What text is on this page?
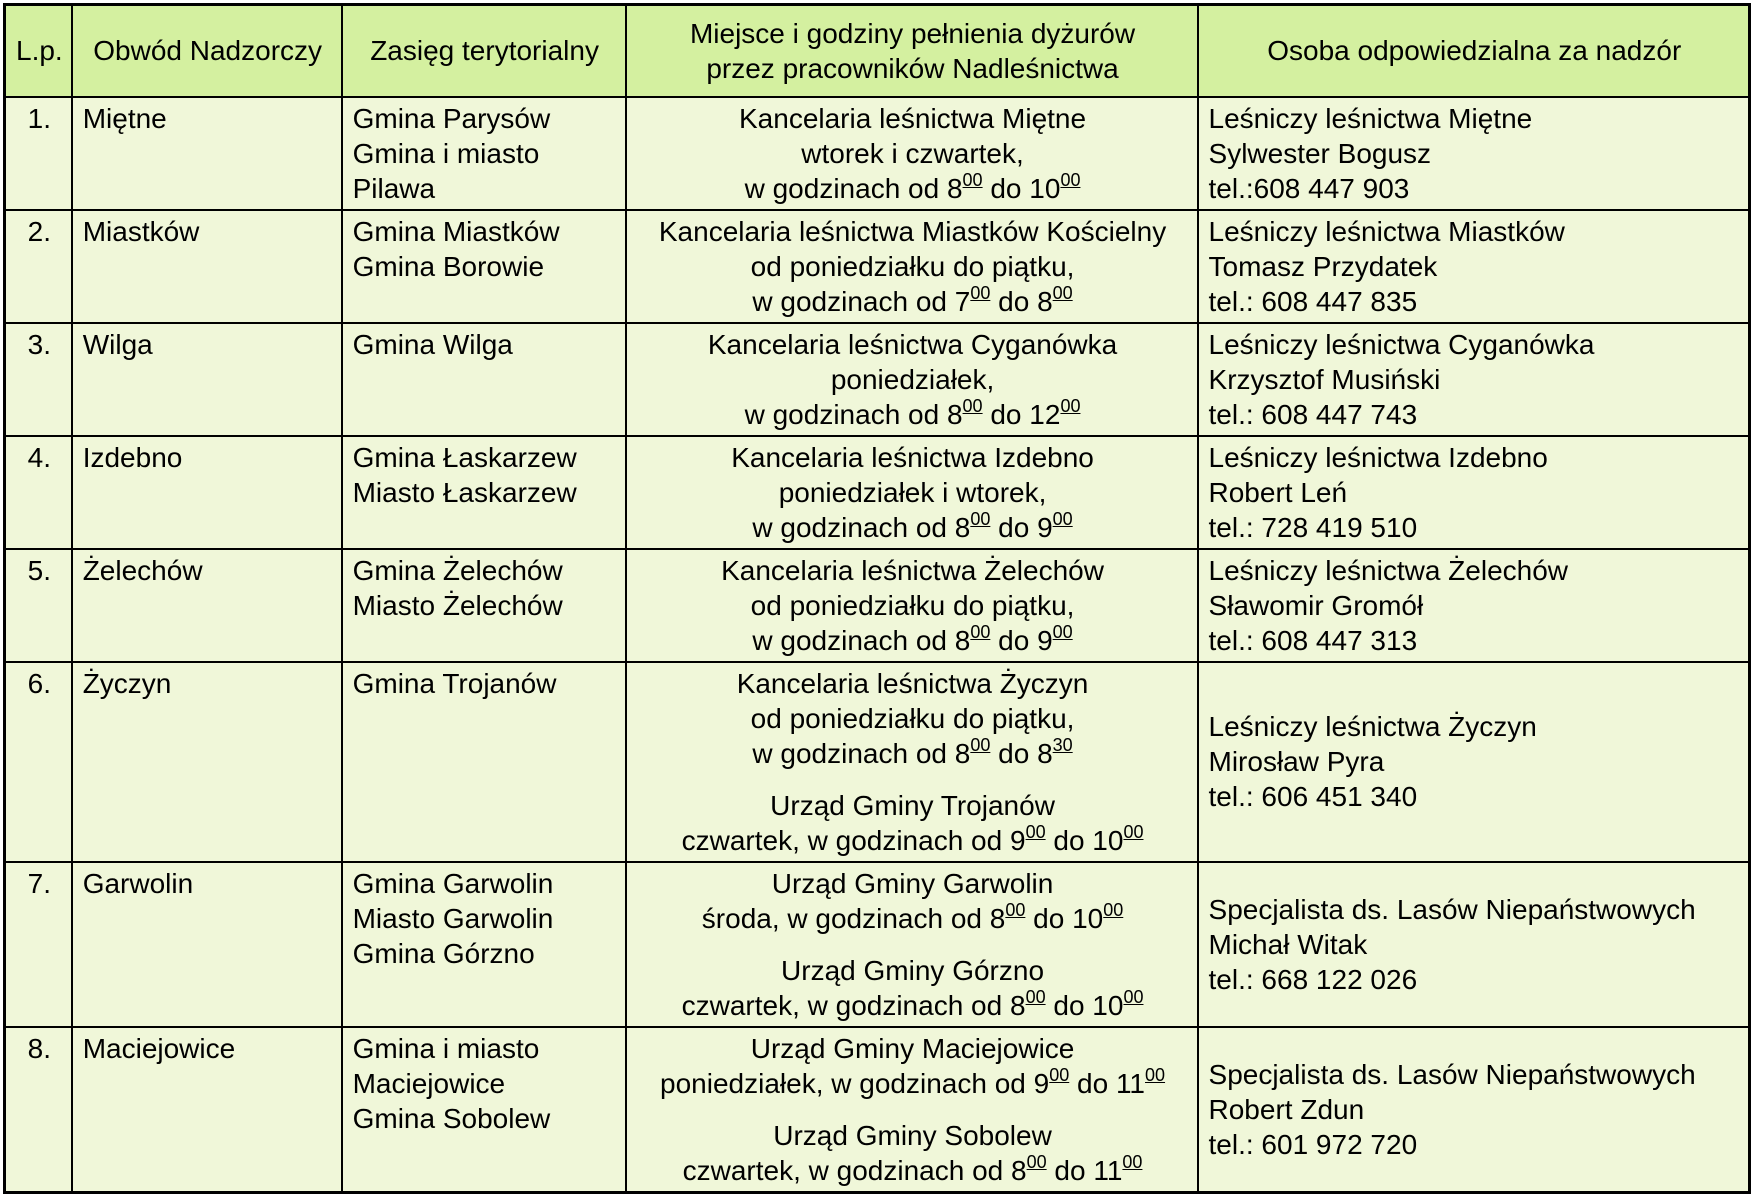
L.p.	Obwód Nadzorczy	Zasięg terytorialny	Miejsce i godziny pełnienia dyżurów
przez pracowników Nadleśnictwa	Osoba odpowiedzialna za nadzór
1.	Miętne	Gmina Parysów
Gmina i miasto
Pilawa	Kancelaria leśnictwa Miętne
wtorek i czwartek,
w godzinach od $8^{00}$ do $10^{00}$	Leśniczy leśnictwa Miętne
Sylwester Bogusz
tel.:608 447 903

2.	Miastków	Gmina Miastków
Gmina Borowie	Kancelaria leśnictwa Miastków Kościelny
od poniedziałku do piątku,
w godzinach od $7^{00}$ do $8^{00}$	Leśniczy leśnictwa Miastków
Tomasz Przydatek
tel.: 608 447 835

3.	Wilga	Gmina Wilga	Kancelaria leśnictwa Cyganówka
poniedziałek,
w godzinach od $8^{00}$ do $12^{00}$	Leśniczy leśnictwa Cyganówka
Krzysztof Musiński
tel.: 608 447 743

4.	Izdebno	Gmina Łaskarzew
Miasto Łaskarzew	Kancelaria leśnictwa Izdebno
poniedziałek i wtorek,
w godzinach od $8^{00}$ do $9^{00}$	Leśniczy leśnictwa Izdebno
Robert Leń
tel.: 728 419 510

5.	Żelechów	Gmina Żelechów
Miasto Żelechów	Kancelaria leśnictwa Żelechów
od poniedziałku do piątku,
w godzinach od $8^{00}$ do $9^{00}$	Leśniczy leśnictwa Żelechów
Sławomir Gromół
tel.: 608 447 313

6.	Życzyn	Gmina Trojanów	Kancelaria leśnictwa Życzyn
od poniedziałku do piątku,
w godzinach od $8^{00}$ do $8^{30}$
Urząd Gminy Trojanów
czwartek, w godzinach od $9^{00}$ do $10^{00}$	Leśniczy leśnictwa Życzyn
Mirosław Pyra
tel.: 606 451 340

7.	Garwolin	Gmina Garwolin
Miasto Garwolin
Gmina Górzno	Urząd Gminy Garwolin
środa, w godzinach od $8^{00}$ do $10^{00}$
Urząd Gminy Górzno
czwartek, w godzinach od $8^{00}$ do $10^{00}$	Specjalista ds. Lasów Niepaństwowych
Michał Witak
tel.: 668 122 026

8.	Maciejowice	Gmina i miasto
Maciejowice
Gmina Sobolew	Urząd Gminy Maciejowice
poniedziałek, w godzinach od $9^{00}$ do $11^{00}$
Urząd Gminy Sobolew
czwartek, w godzinach od $8^{00}$ do $11^{00}$	Specjalista ds. Lasów Niepaństwowych
Robert Zdun
tel.: 601 972 720
